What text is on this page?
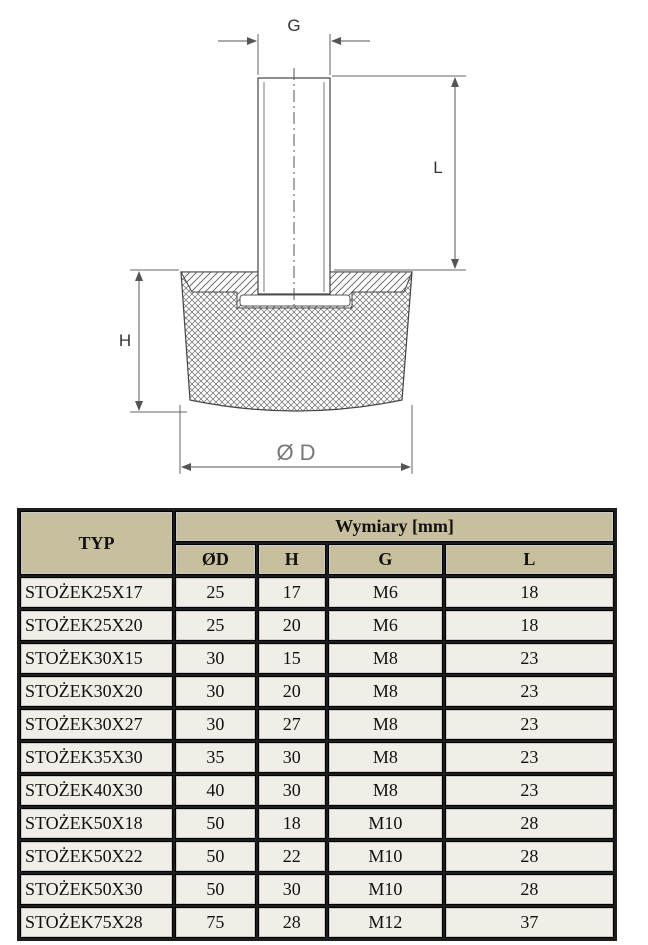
G
L
H
Ø D
TYP	Wymiary [mm]			
	ØD	H	G	L
STOŻEK25X17	25	17	M6	18
STOŻEK25X20	25	20	M6	18
STOŻEK30X15	30	15	M8	23
STOŻEK30X20	30	20	M8	23
STOŻEK30X27	30	27	M8	23
STOŻEK35X30	35	30	M8	23
STOŻEK40X30	40	30	M8	23
STOŻEK50X18	50	18	M10	28
STOŻEK50X22	50	22	M10	28
STOŻEK50X30	50	30	M10	28
STOŻEK75X28	75	28	M12	37
